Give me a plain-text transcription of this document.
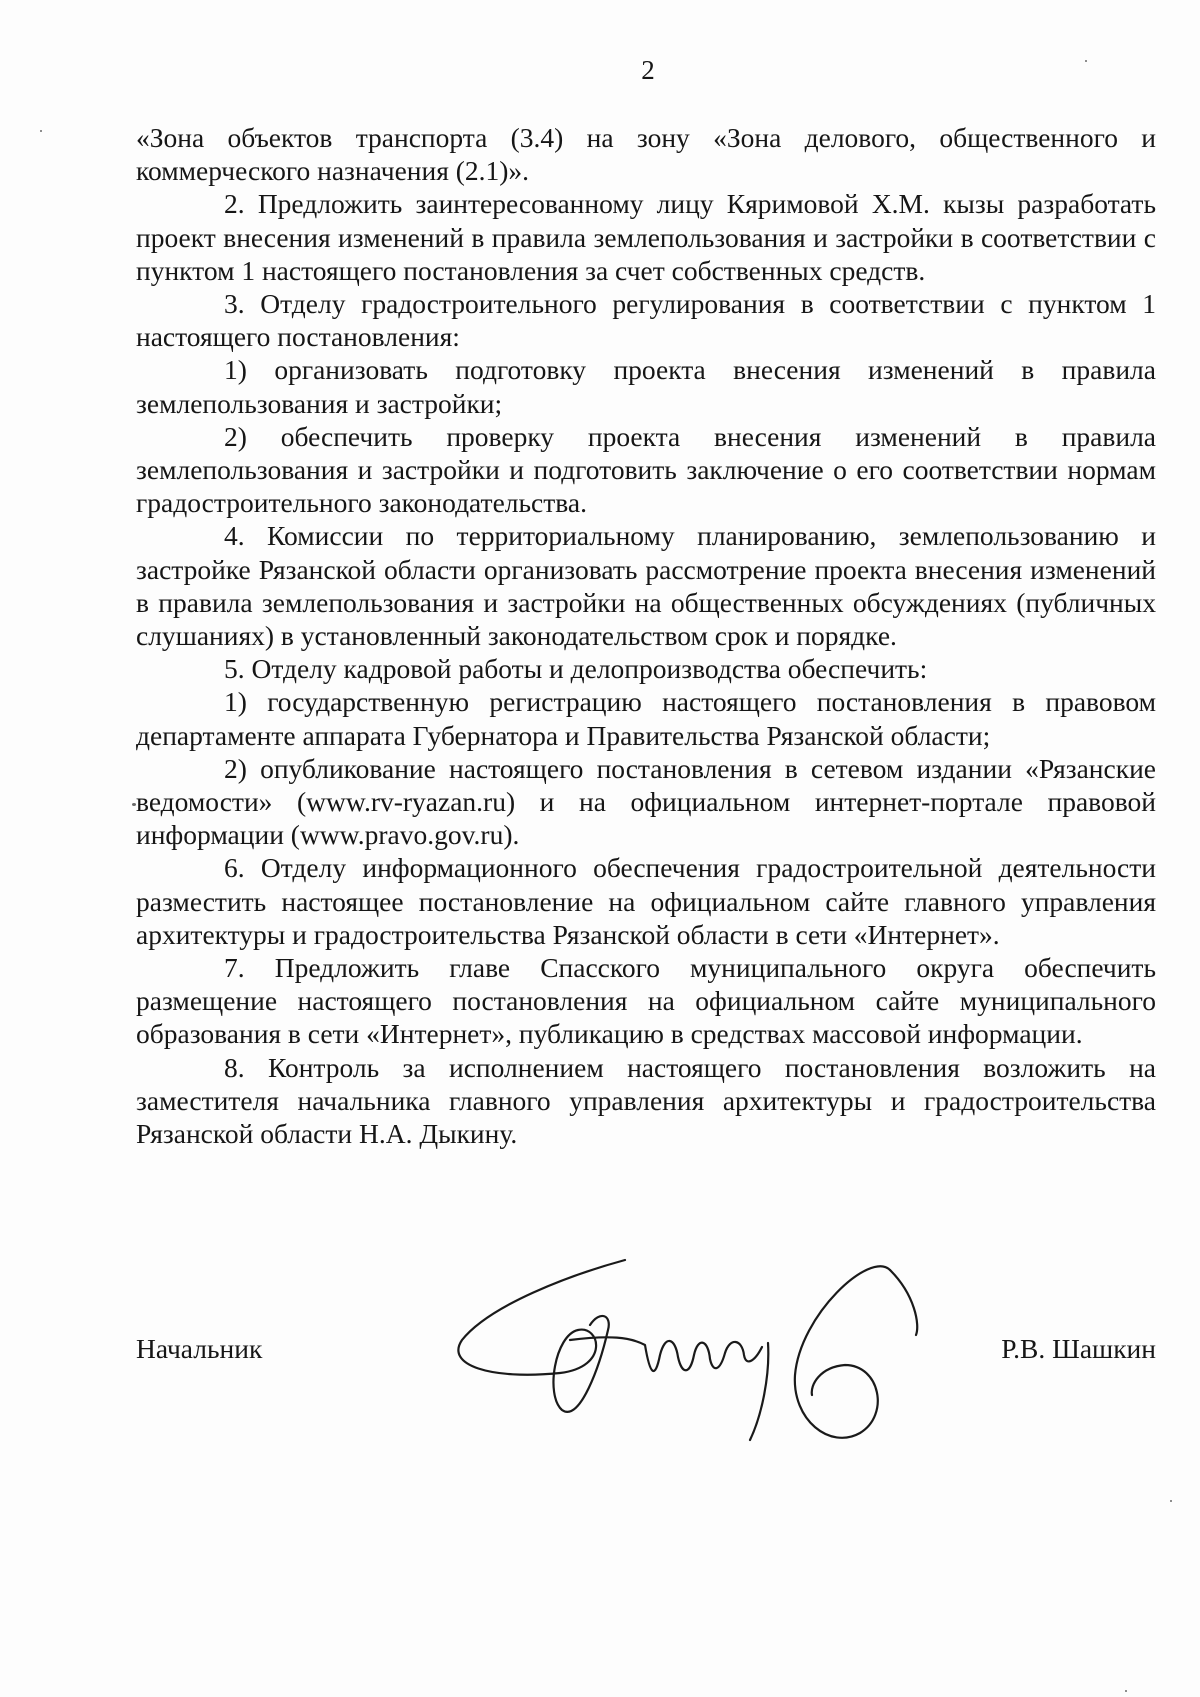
2

«Зона объектов транспорта (3.4) на зону «Зона делового, общественного и коммерческого назначения (2.1)».

2. Предложить заинтересованному лицу Кяримовой Х.М. кызы разработать проект внесения изменений в правила землепользования и застройки в соответствии с пунктом 1 настоящего постановления за счет собственных средств.

3. Отделу градостроительного регулирования в соответствии с пунктом 1 настоящего постановления:

1) организовать подготовку проекта внесения изменений в правила землепользования и застройки;

2) обеспечить проверку проекта внесения изменений в правила землепользования и застройки и подготовить заключение о его соответствии нормам градостроительного законодательства.

4. Комиссии по территориальному планированию, землепользованию и застройке Рязанской области организовать рассмотрение проекта внесения изменений в правила землепользования и застройки на общественных обсуждениях (публичных слушаниях) в установленный законодательством срок и порядке.

5. Отделу кадровой работы и делопроизводства обеспечить:

1) государственную регистрацию настоящего постановления в правовом департаменте аппарата Губернатора и Правительства Рязанской области;

2) опубликование настоящего постановления в сетевом издании «Рязанские ведомости» (www.rv-ryazan.ru) и на официальном интернет-портале правовой информации (www.pravo.gov.ru).

6. Отделу информационного обеспечения градостроительной деятельности разместить настоящее постановление на официальном сайте главного управления архитектуры и градостроительства Рязанской области в сети «Интернет».

7. Предложить главе Спасского муниципального округа обеспечить размещение настоящего постановления на официальном сайте муниципального образования в сети «Интернет», публикацию в средствах массовой информации.

8. Контроль за исполнением настоящего постановления возложить на заместителя начальника главного управления архитектуры и градостроительства Рязанской области Н.А. Дыкину.

Начальник	Р.В. Шашкин
